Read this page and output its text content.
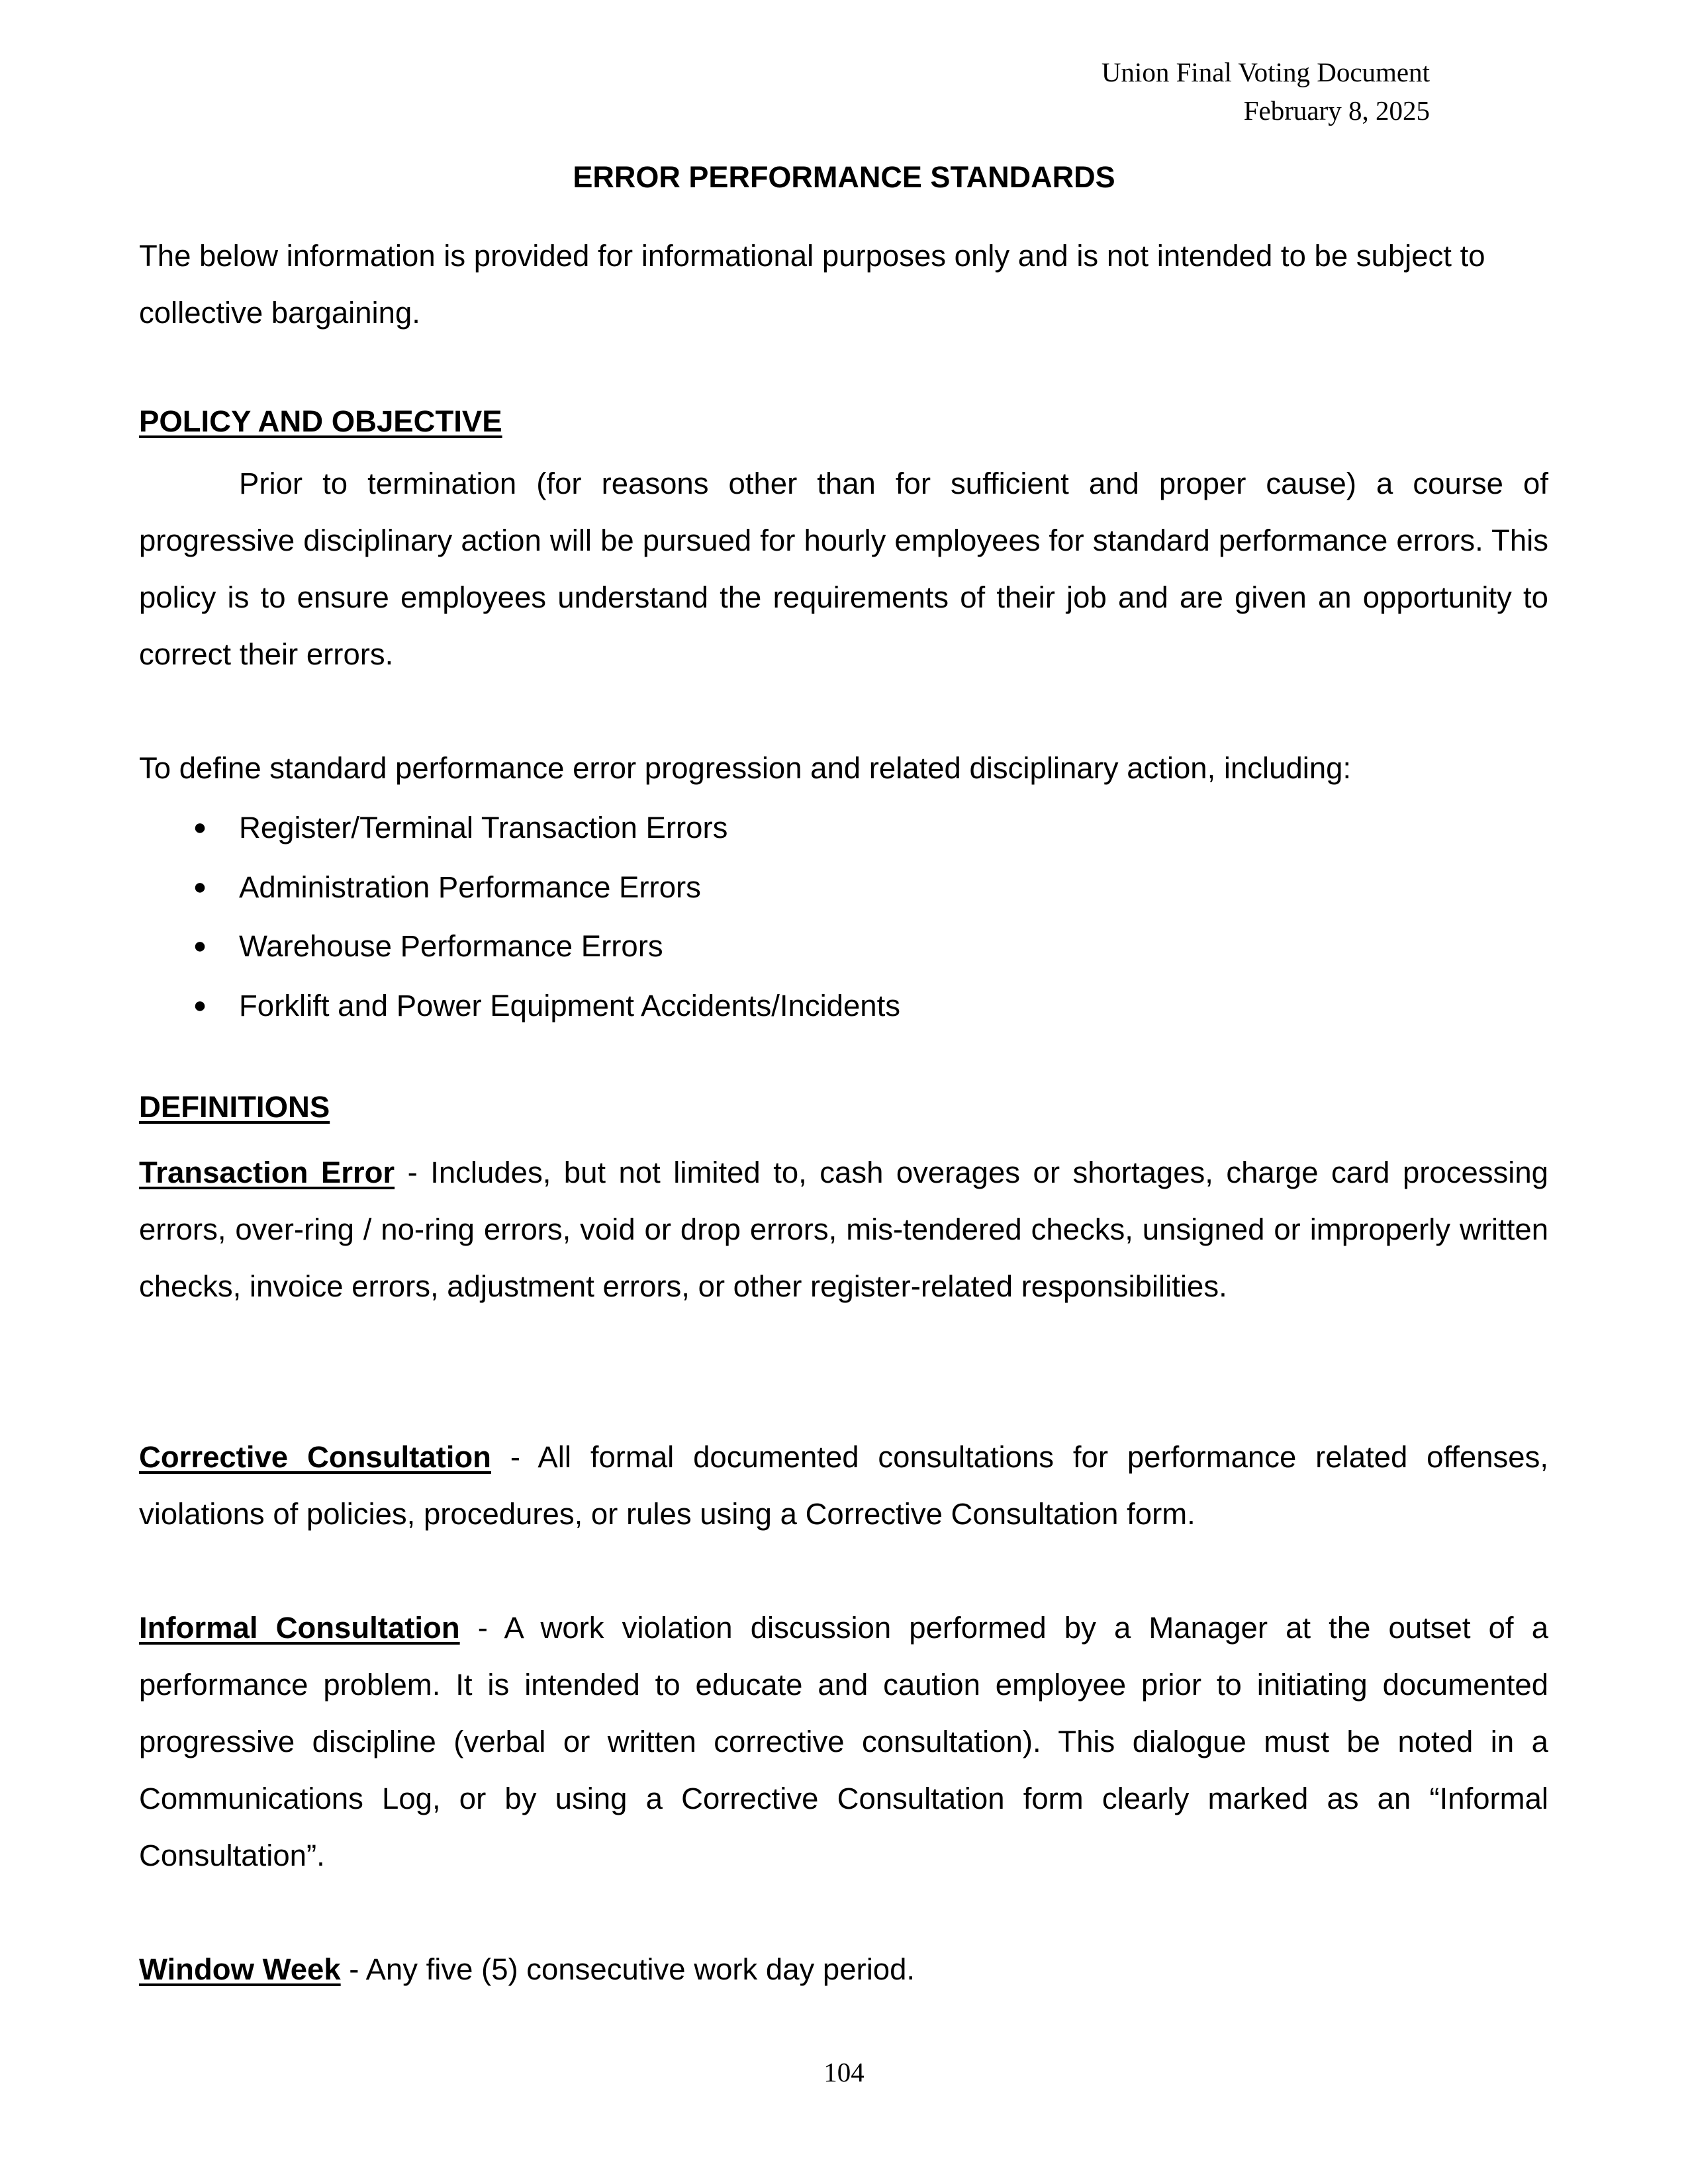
Union Final Voting Document
February 8, 2025
ERROR PERFORMANCE STANDARDS

The below information is provided for informational purposes only and is not intended to be subject to collective bargaining.

POLICY AND OBJECTIVE

Prior to termination (for reasons other than for sufficient and proper cause) a course of progressive disciplinary action will be pursued for hourly employees for standard performance errors. This policy is to ensure employees understand the requirements of their job and are given an opportunity to correct their errors.

To define standard performance error progression and related disciplinary action, including:

● Register/Terminal Transaction Errors
● Administration Performance Errors
● Warehouse Performance Errors
● Forklift and Power Equipment Accidents/Incidents
DEFINITIONS

Transaction Error - Includes, but not limited to, cash overages or shortages, charge card processing errors, over-ring / no-ring errors, void or drop errors, mis-tendered checks, unsigned or improperly written checks, invoice errors, adjustment errors, or other register-related responsibilities.

Corrective Consultation - All formal documented consultations for performance related offenses, violations of policies, procedures, or rules using a Corrective Consultation form.

Informal Consultation - A work violation discussion performed by a Manager at the outset of a performance problem. It is intended to educate and caution employee prior to initiating documented progressive discipline (verbal or written corrective consultation). This dialogue must be noted in a Communications Log, or by using a Corrective Consultation form clearly marked as an “Informal Consultation”.

Window Week - Any five (5) consecutive work day period.

104
